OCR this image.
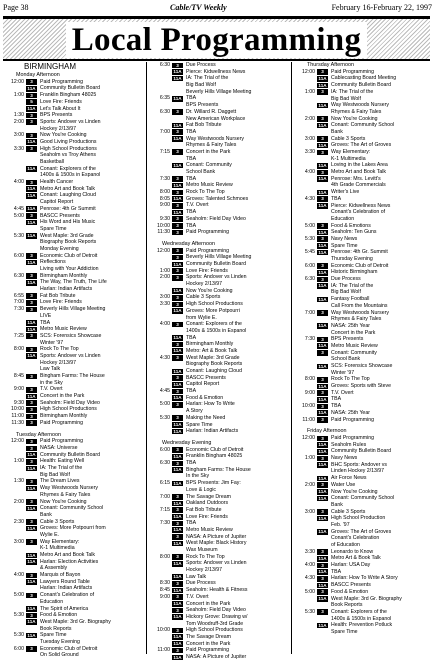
Page 38	Cable/TV Weekly	February 16-February 22, 1997
Local Programming
BIRMINGHAM
Monday Afternoon
12:00	3	Paid Programming
11A Community Bulletin Board
1:00	3	Franklin Bingham 48025
5	Love Fire: Friends
11A Let's Talk About It
1:30	3	BPS Presents
2:00	3	Sports: Andover vs Linden
Hockey 2/13/97
3:00	3	Now You're Cooking
11A Good Living Productions
3:30	3	High School Productions
Seaholm vs Troy Athens
Basketball
11A Conant: Explorers of the
1400s & 1500s in Espanol
4:00	3	Health Cancer
11A Metro Art and Book Talk
11A Conant: Laughing Cloud
Capitol Report
4:45 11A Penrose: 4th Gr Summit
5:00	3	BASCC Presents
11A His Word and His Music
Spare Time
5:30 11A West Maple: 3rd Grade
Biography Book Reports
Monday Evening
6:00	3	Economic Club of Detroit
11A Reflections
Living with Your Addiction
6:30	3	Birmingham Monthly
11A The Way, The Truth, The Life
Harlan: Indian Artifacts
6:55	3	Fat Bob Tribute
7:00	3	Love Fire: Friends
7:30	3	Beverly Hills Village Meeting
LIVE
11A TBA
11A Metro Music Review
7:25	3	SCS: Forensics Showcase
Winter '97
8:00	3	Rock To The Top
11A Sports: Andover vs Linden
Hockey 2/13/97
Law Talk
8:45	3	Bingham Farms: The House
in the Sky
9:00	3	T.V. Overt
11A Concert in the Park
9:30	3	Seaholm: Field Day Video
10:00	3	High School Productions
11:00	3	Birmingham Monthly
11:30	3	Paid Programming
Tuesday Afternoon
12:00	3	Paid Programming
3	NASA: Universe
11A Community Bulletin Board
1:00	3	Health: Eating Well
11A IA: The Trial of the
Big Bad Wolf
1:30	3	The Dream Lives
11A Way Westwoods Nursery
Rhymes & Fairy Tales
2:00	3	Now You're Cooking
11A Conant: Community School
Bank
2:30	3	Cable 3 Sports
11A Groves: More Potpourri from
Wylie E.
3:00	3	Way Elementary:
K-1 Multimedia
11A Metro Art and Book Talk
11A Harlan: Election Activities
& Assembly
4:00	3	Marquis of Bayon
11A Lawyers Round Table
Harlan: Indian Artifacts
5:00	3	Conant's Celebration of
Education
11A The Spirit of America
5:30	3	Food & Emotion
11A West Maple: 3rd Gr. Biography
Book Reports
5:30 11A Spare Time
Tuesday Evening
6:00	3	Economic Club of Detroit
On Solid Ground
6:30	3	Due Process
11A Pierce: Kidwellness News
11A IA: The Trial of the
Big Bad Wolf
Beverly Hills Village Meeting
6:35 11A TBA
BPS Presents
6:30	3	Dr. Willard R. Daggett
New American Workplace
11A Fat Bob Tribute
7:00	3	TBA
11A Way Westwoods Nursery
Rhymes & Fairy Tales
7:15	3	Concert in the Park
TBA
11A Conant: Community
School Bank
7:30	3	TBA
11A Metro Music Review
8:00	3	Rock To The Top
8:05 11A Groves: Talented Schmoes
9:00	3	T.V. Overt
11A TBA
9:30	3	Seaholm: Field Day Video
10:00	3	TBA
11:30	3	Paid Programming
Wednesday Afternoon
12:00	3	Paid Programming
3	Beverly Hills Village Meeting
11A Community Bulletin Board
1:00	3	Love Fire: Friends
2:00	3	Sports: Andover vs Linden
Hockey 2/13/97
11A Now You're Cooking
3:00	3	Cable 3 Sports
3:30	3	High School Productions
11A Groves: More Potpourri
from Wylie E.
4:00	3	Conant: Explorers of the
1400s & 1500s in Espanol
11A TBA
3	Birmingham Monthly
11A Metro: Art & Book Talk
4:30	3	West Maple: 3rd Grade
Biography Book Reports
11A Conant: Laughing Cloud
3	BASCC Presents
11A Capitol Report
4:45	3	TBA
11A Food & Emotion
5:00	3	Harlan: How To Write
A Story
5:30	3	Making the Need
11A Spare Time
11A Harlan: Indian Artifacts
Wednesday Evening
6:00	3	Economic Club of Detroit
11A Franklin Bingham 48025
6:30	3	TBA
11A Bingham Farms: The House
In the Sky
6:15 11A BPS Presents: Jim Fay:
Love & Logic
7:00	3	The Savage Dream
11A Oakland Outdoors
7:15	3	Fat Bob Tribute
11A Love Fire: Friends
7:30	3	TBA
11A Metro Music Review
3	NASA: A Picture of Jupiter
11A West Maple: Black History
Wax Museum
8:00	3	Rock To The Top
11A Sports: Andover vs Linden
Hockey 2/13/97
11A Law Talk
8:30	3	Due Process
8:45 11A Seaholm: Health & Fitness
9:00	3	T.V. Overt
11A Concert in the Park
3	Seaholm: Field Day Video
11A Hickory Grove: Drawing w/
Tom Woodruff-3rd Grade
10:00	3	High School Productions
11A The Savage Dream
11A Concert in the Park
11:00	3	Paid Programming
11A NASA: A Picture of Jupiter
Thursday Afternoon
12:00	3	Paid Programming
11A Cablecasting Board Meeting
11A Community Bulletin Board
1:00	3	IA: The Trial of the
Big Bad Wolf
11A Way Westwoods Nursery
Rhymes & Fairy Tales
2:00	3	Now You're Cooking
11A Conant: Community School
Bank
3:00	3	Cable 3 Sports
11A Groves: The Art of Groves
3:30	3	Way Elementary:
K-1 Multimedia
11A Loving in the Lakes Area
4:00	3	Metro Art and Book Talk
11A Penrose: Mrs. Levitt's
4th Grade Commercials
11A Writer's Live
4:30	3	TBA
11A Pierce: Kidwellness News
Conant's Celebration of
Education
5:00	3	Food & Emotions
11A Seaholm: Ten Guns
5:30	3	Navy News
11A Spare Time
5:45 11A Penrose: 4th Gr. Summit
Thursday Evening
6:00	3	Economic Club of Detroit
11A Historic Birmingham
6:30	3	Due Process
11A IA: The Trial of the
Big Bad Wolf
11A Fantasy Football
Call From the Mountains
7:00	3	Way Westwoods Nursery
Rhymes & Fairy Tales
11A NASA: 25th Year
Concert in the Park
7:30	3	BPS Presents
11A Metro Music Review
3	Conant: Community
School Bank
11A SCS: Forensics Showcase
Winter '97
8:00	3	Rock To The Top
11A Groves: Sports with Steve
9:00	3	T.V. Overt
11A TBA
10:00	3	TBA
11A NASA: 25th Year
11:00	3	Paid Programming
Friday Afternoon
12:00	3	Paid Programming
11A Seaholm Rules
11A Community Bulletin Board
1:00	3	Navy News
11A BHC Sports: Andover vs
Linden Hockey 2/13/97
11A Air Force News
2:00	3	Water Use
11A Now You're Cooking
11A Conant: Community School
Bank
3:00	3	Cable 3 Sports
11A High School Production
Feb. '97
11A Groves: The Art of Groves
Conant's Celebration
of Education
3:30	3	Leonardo to Know
11A Metro Art & Book Talk
4:00	3	Harlan: USA Day
11A TBA
4:30	3	Harlan: How To Write A Story
11A BASCC Presents
5:00	3	Food & Emotion
11A West Maple: 3rd Gr. Biography
Book Reports
5:30	3	Conant: Explorers of the
1400s & 1500s in Espanol
11A Health: Prevention Potluck
Spare Time
